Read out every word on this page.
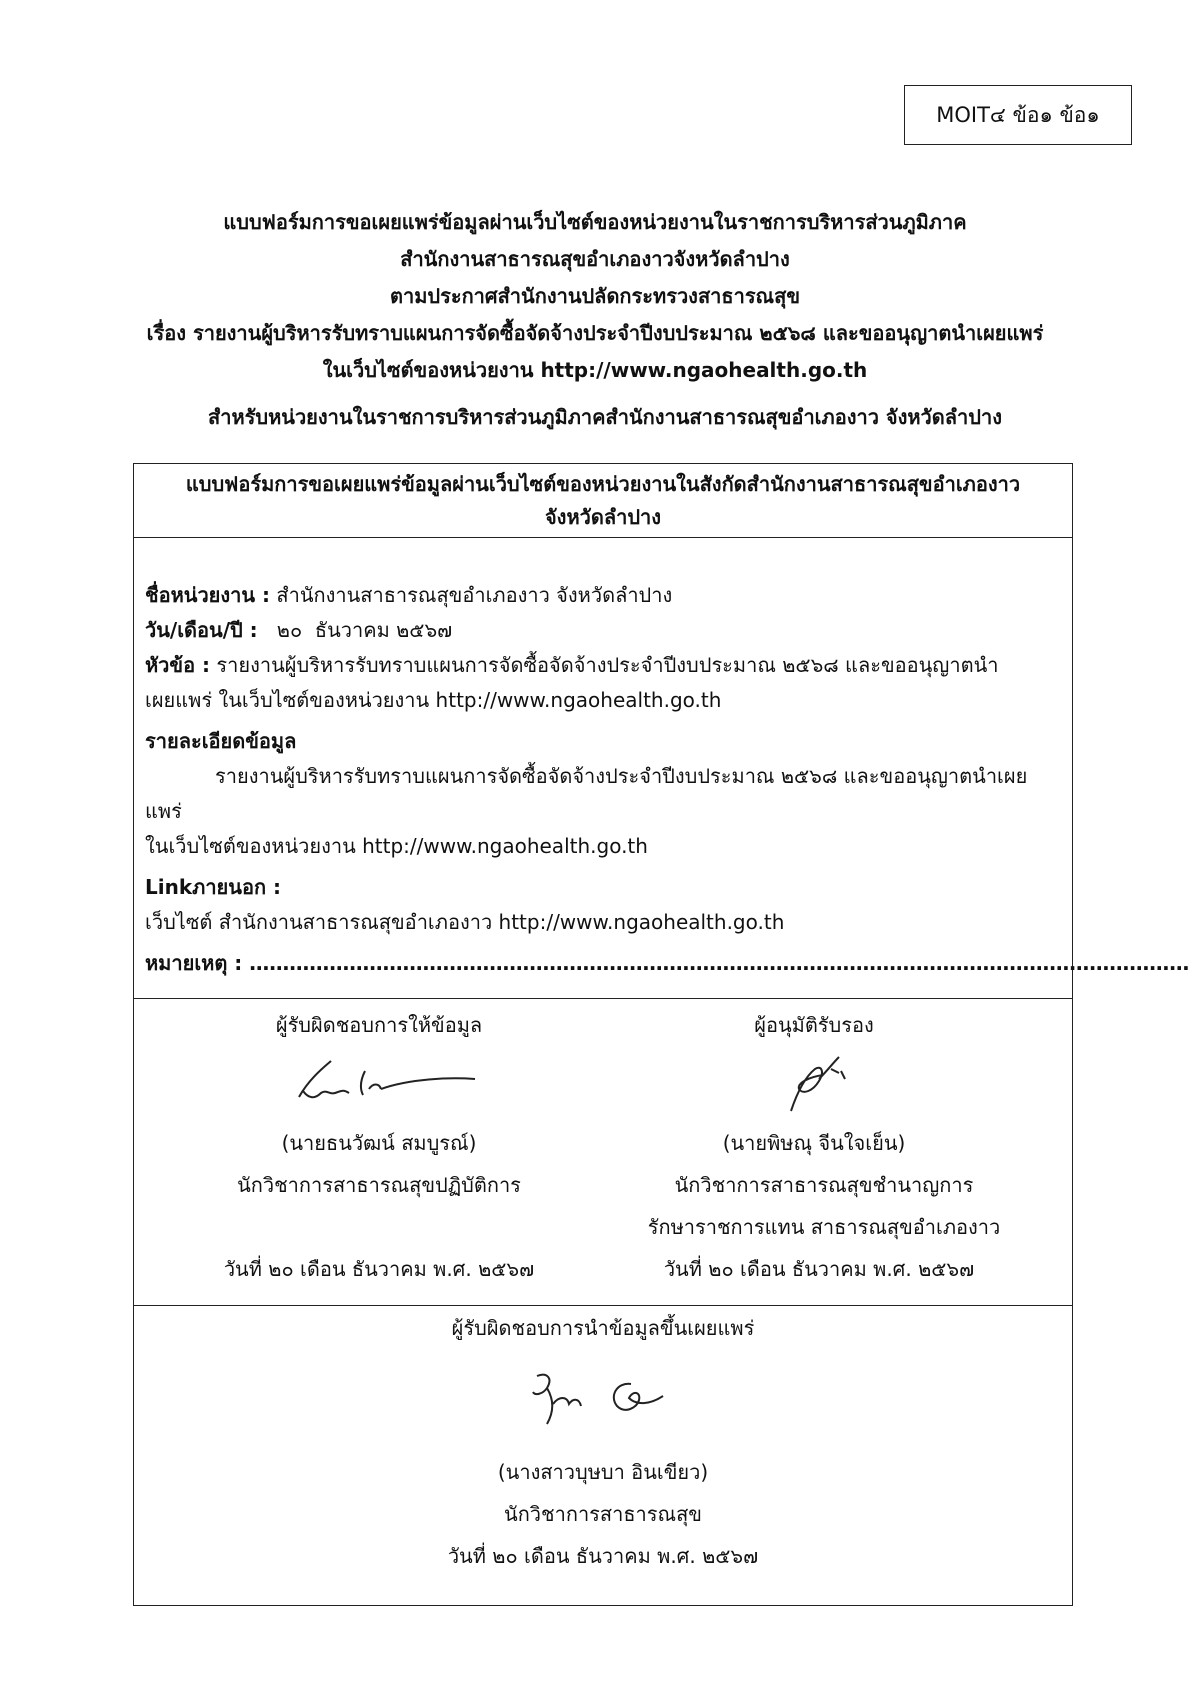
MOIT๔ ข้อ๑ ข้อ๑
แบบฟอร์มการขอเผยแพร่ข้อมูลผ่านเว็บไซต์ของหน่วยงานในราชการบริหารส่วนภูมิภาค
สำนักงานสาธารณสุขอำเภองาวจังหวัดลำปาง
ตามประกาศสำนักงานปลัดกระทรวงสาธารณสุข
เรื่อง รายงานผู้บริหารรับทราบแผนการจัดซื้อจัดจ้างประจำปีงบประมาณ ๒๕๖๘ และขออนุญาตนำเผยแพร่
ในเว็บไซต์ของหน่วยงาน http://www.ngaohealth.go.th
สำหรับหน่วยงานในราชการบริหารส่วนภูมิภาคสำนักงานสาธารณสุขอำเภองาว จังหวัดลำปาง
แบบฟอร์มการขอเผยแพร่ข้อมูลผ่านเว็บไซต์ของหน่วยงานในสังกัดสำนักงานสาธารณสุขอำเภองาว
จังหวัดลำปาง

ชื่อหน่วยงาน : สำนักงานสาธารณสุขอำเภองาว จังหวัดลำปาง

วัน/เดือน/ปี :   ๒๐  ธันวาคม ๒๕๖๗

หัวข้อ : รายงานผู้บริหารรับทราบแผนการจัดซื้อจัดจ้างประจำปีงบประมาณ ๒๕๖๘ และขออนุญาตนำ

เผยแพร่ ในเว็บไซต์ของหน่วยงาน http://www.ngaohealth.go.th

รายละเอียดข้อมูล

รายงานผู้บริหารรับทราบแผนการจัดซื้อจัดจ้างประจำปีงบประมาณ ๒๕๖๘ และขออนุญาตนำเผยแพร่

ในเว็บไซต์ของหน่วยงาน http://www.ngaohealth.go.th

Linkภายนอก :

เว็บไซต์ สำนักงานสาธารณสุขอำเภองาว http://www.ngaohealth.go.th

หมายเหตุ : ……………………………………………………………………………………………………………………………

ผู้รับผิดชอบการให้ข้อมูล
(นายธนวัฒน์ สมบูรณ์)
นักวิชาการสาธารณสุขปฏิบัติการ
วันที่ ๒๐ เดือน ธันวาคม พ.ศ. ๒๕๖๗
ผู้อนุมัติรับรอง
(นายพิษณุ จีนใจเย็น)
นักวิชาการสาธารณสุขชำนาญการ
รักษาราชการแทน สาธารณสุขอำเภองาว
วันที่ ๒๐ เดือน ธันวาคม พ.ศ. ๒๕๖๗
ผู้รับผิดชอบการนำข้อมูลขึ้นเผยแพร่
(นางสาวบุษบา อินเขียว)
นักวิชาการสาธารณสุข
วันที่ ๒๐ เดือน ธันวาคม พ.ศ. ๒๕๖๗
